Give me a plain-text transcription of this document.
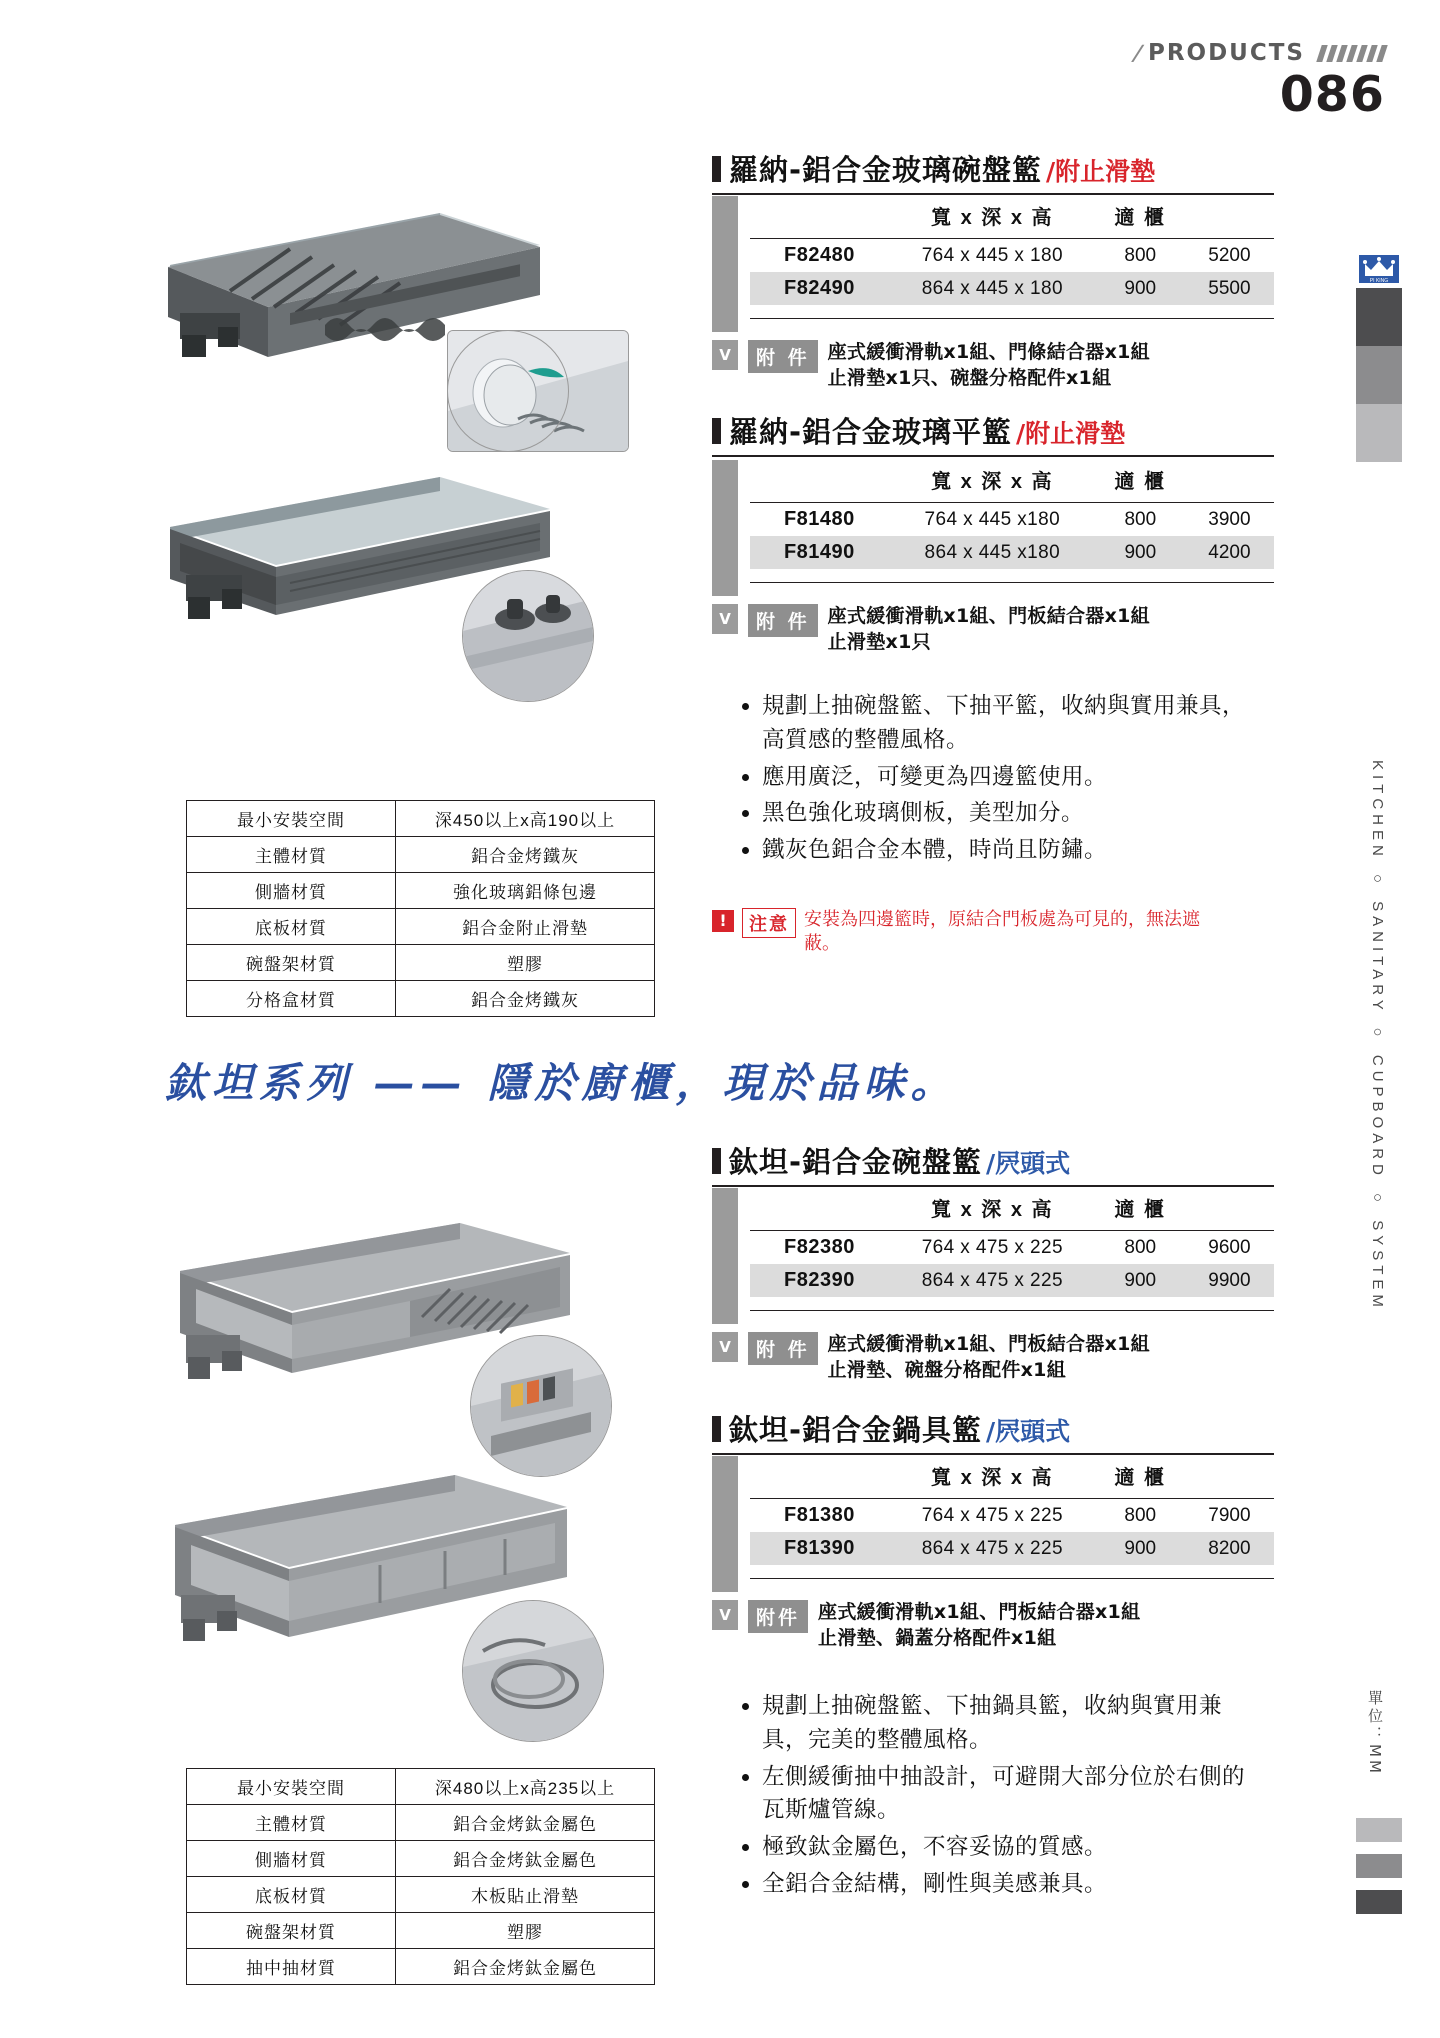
/ PRODUCTS
086
PI KING
KITCHEN ○ SANITARY ○ CUPBOARD ○ SYSTEM
單位：MM
羅納-鋁合金玻璃碗盤籃 /附止滑墊
	寬 x 深 x 高	適 櫃	
F82480	764 x 445 x 180	800	5200
F82490	864 x 445 x 180	900	5500
V	附 件 座式緩衝滑軌x1組、門條結合器x1組
止滑墊x1只、碗盤分格配件x1組
羅納-鋁合金玻璃平籃 /附止滑墊
	寬 x 深 x 高	適 櫃	
F81480	764 x 445 x180	800	3900
F81490	864 x 445 x180	900	4200
V	附 件 座式緩衝滑軌x1組、門板結合器x1組
止滑墊x1只
• 規劃上抽碗盤籃、下抽平籃，收納與實用兼具，高質感的整體風格。
• 應用廣泛，可變更為四邊籃使用。
• 黑色強化玻璃側板，美型加分。
• 鐵灰色鋁合金本體，時尚且防鏽。
!	注意 安裝為四邊籃時，原結合門板處為可見的，無法遮蔽。
最小安裝空間	深450以上x高190以上
主體材質	鋁合金烤鐵灰
側牆材質	強化玻璃鋁條包邊
底板材質	鋁合金附止滑墊
碗盤架材質	塑膠
分格盒材質	鋁合金烤鐵灰
鈦坦系列 —— 隱於廚櫃，現於品味。
鈦坦-鋁合金碗盤籃 /屄頭式
	寬 x 深 x 高	適 櫃	
F82380	764 x 475 x 225	800	9600
F82390	864 x 475 x 225	900	9900
V	附 件 座式緩衝滑軌x1組、門板結合器x1組
止滑墊、碗盤分格配件x1組
鈦坦-鋁合金鍋具籃 /屄頭式
	寬 x 深 x 高	適 櫃	
F81380	764 x 475 x 225	800	7900
F81390	864 x 475 x 225	900	8200
V	附件 座式緩衝滑軌x1組、門板結合器x1組
止滑墊、鍋蓋分格配件x1組
• 規劃上抽碗盤籃、下抽鍋具籃，收納與實用兼具，完美的整體風格。
• 左側緩衝抽中抽設計，可避開大部分位於右側的瓦斯爐管線。
• 極致鈦金屬色，不容妥協的質感。
• 全鋁合金結構，剛性與美感兼具。
最小安裝空間	深480以上x高235以上
主體材質	鋁合金烤鈦金屬色
側牆材質	鋁合金烤鈦金屬色
底板材質	木板貼止滑墊
碗盤架材質	塑膠
抽中抽材質	鋁合金烤鈦金屬色
